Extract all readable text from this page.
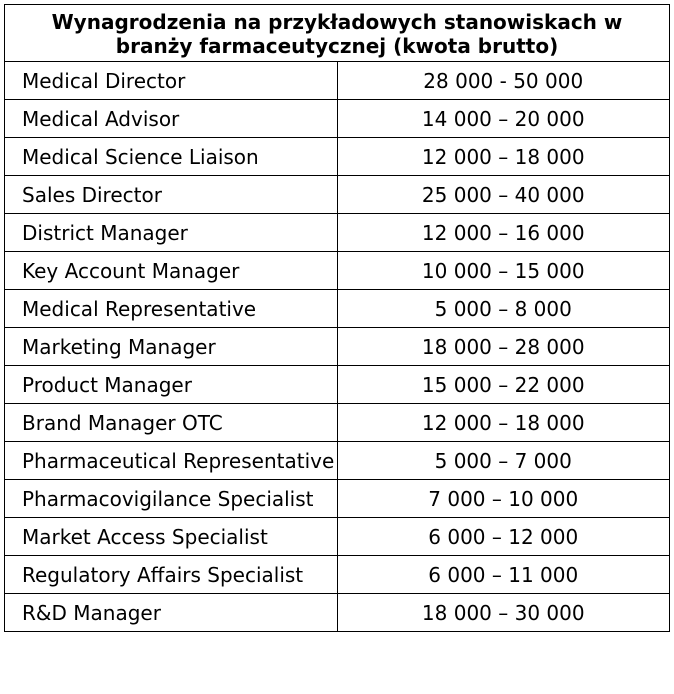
Wynagrodzenia na przykładowych stanowiskach w branży farmaceutycznej (kwota brutto)	
Medical Director	28 000 - 50 000
Medical Advisor	14 000 – 20 000
Medical Science Liaison	12 000 – 18 000
Sales Director	25 000 – 40 000
District Manager	12 000 – 16 000
Key Account Manager	10 000 – 15 000
Medical Representative	5 000 – 8 000
Marketing Manager	18 000 – 28 000
Product Manager	15 000 – 22 000
Brand Manager OTC	12 000 – 18 000
Pharmaceutical Representative	5 000 – 7 000
Pharmacovigilance Specialist	7 000 – 10 000
Market Access Specialist	6 000 – 12 000
Regulatory Affairs Specialist	6 000 – 11 000
R&D Manager	18 000 – 30 000
